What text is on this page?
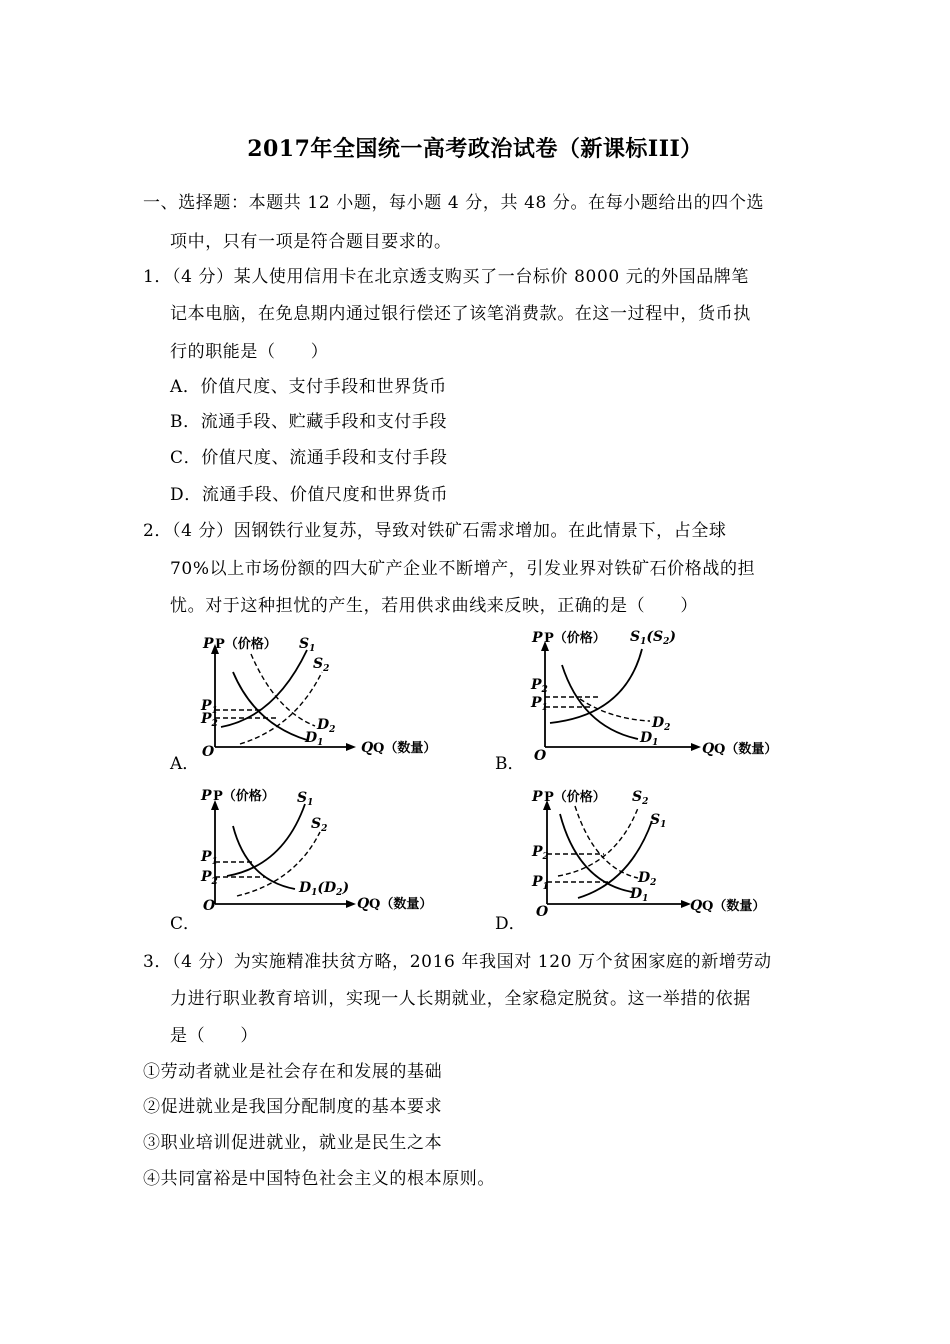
2017年全国统一高考政治试卷（新课标III）
一、选择题：本题共 12 小题，每小题 4 分，共 48 分。在每小题给出的四个选
项中，只有一项是符合题目要求的。
1．（4 分）某人使用信用卡在北京透支购买了一台标价 8000 元的外国品牌笔
记本电脑，在免息期内通过银行偿还了该笔消费款。在这一过程中，货币执
行的职能是（　　）
A．价值尺度、支付手段和世界货币
B．流通手段、贮藏手段和支付手段
C．价值尺度、流通手段和支付手段
D．流通手段、价值尺度和世界货币
2．（4 分）因钢铁行业复苏，导致对铁矿石需求增加。在此情景下，占全球
70%以上市场份额的四大矿产企业不断增产，引发业界对铁矿石价格战的担
忧。对于这种担忧的产生，若用供求曲线来反映，正确的是（　　）
A．
P P（价格）
Q Q（数量）
O
$P_1$
$P_2$
$S_1$
$S_2$
$D_2$
$D_1$
B．
P P（价格）
Q Q（数量）
O
$P_2$
$P_1$
$S_1(S_2)$
$D_2$
$D_1$
C．
P P（价格）
Q Q（数量）
O
$P_1$
$P_2$
$S_1$
$S_2$
$D_1(D_2)$
D．
P P（价格）
Q Q（数量）
O
$P_2$
$P_1$
$S_2$
$S_1$
$D_2$
$D_1$
3．（4 分）为实施精准扶贫方略，2016 年我国对 120 万个贫困家庭的新增劳动
力进行职业教育培训，实现一人长期就业，全家稳定脱贫。这一举措的依据
是（　　）
①劳动者就业是社会存在和发展的基础
②促进就业是我国分配制度的基本要求
③职业培训促进就业，就业是民生之本
④共同富裕是中国特色社会主义的根本原则。
